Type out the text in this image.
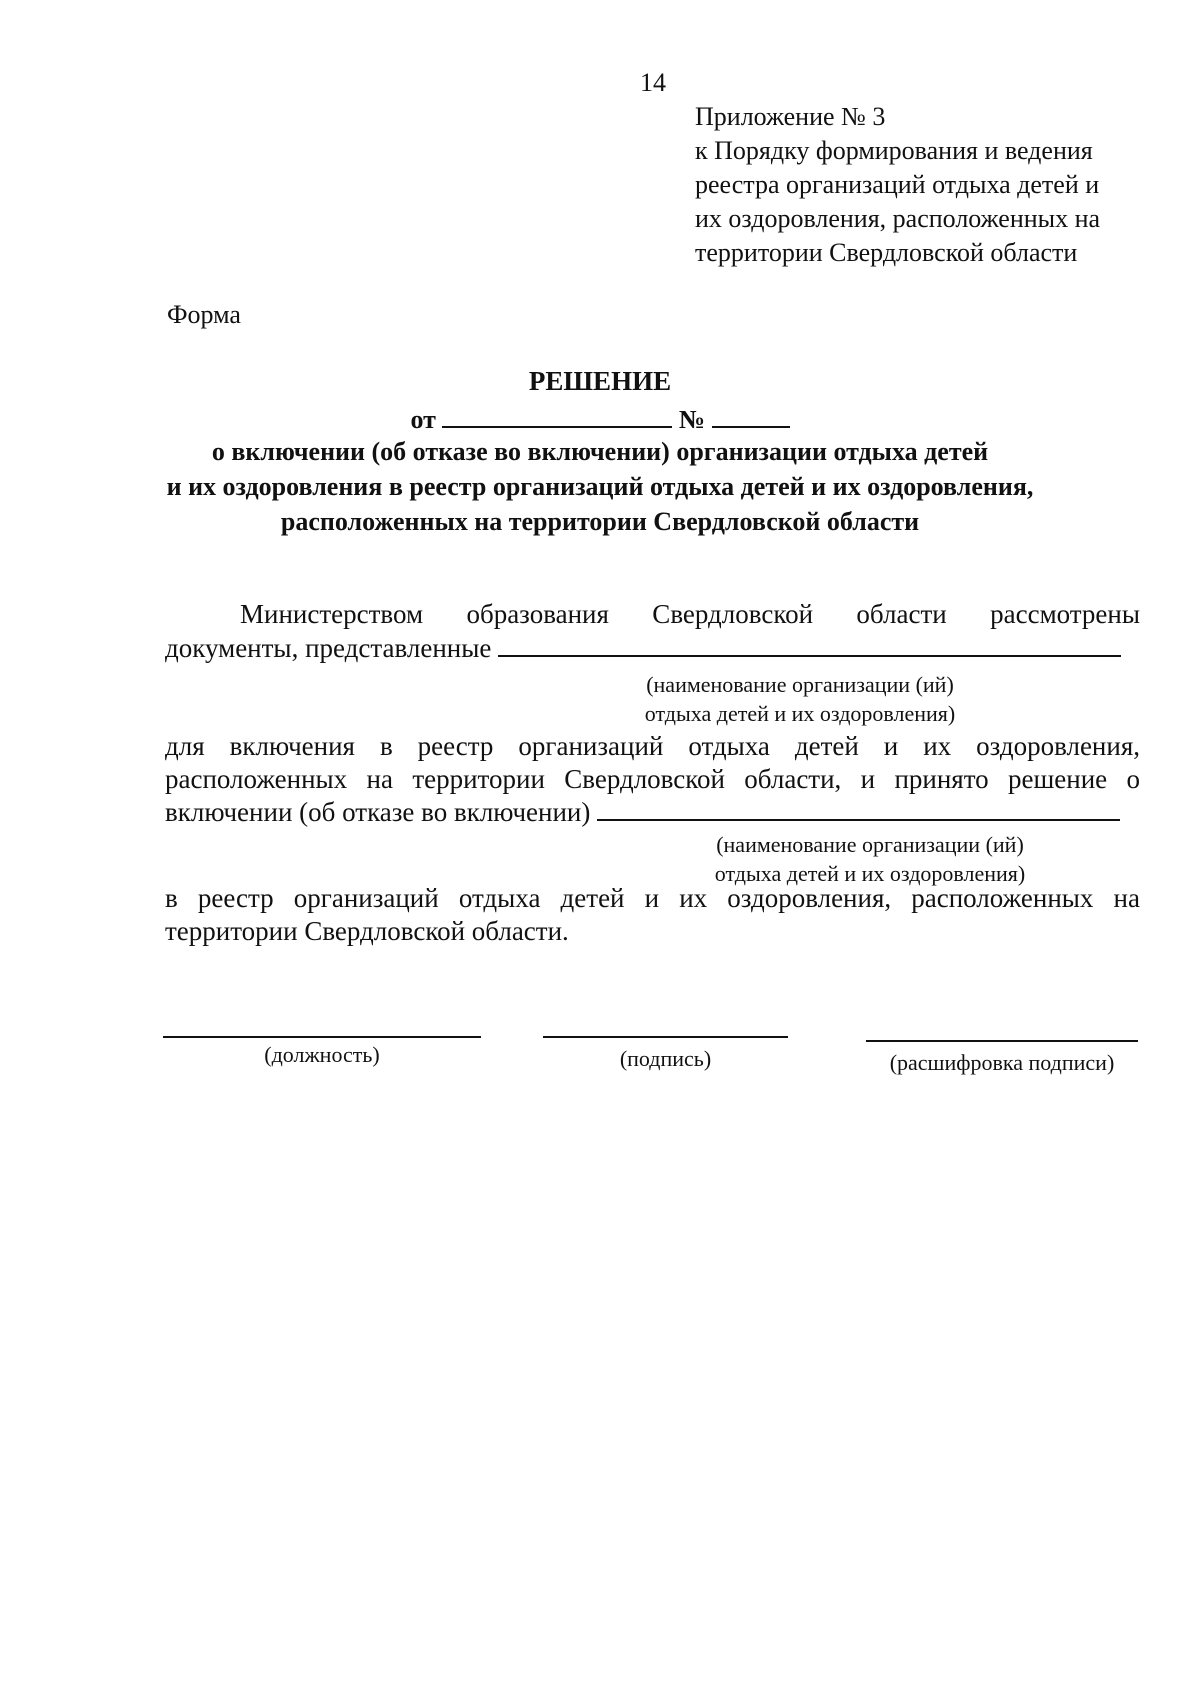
14
Приложение № 3
к Порядку формирования и ведения
реестра организаций отдыха детей и
их оздоровления, расположенных на
территории Свердловской области
Форма
РЕШЕНИЕ
от	№
о включении (об отказе во включении) организации отдыха детей
и их оздоровления в реестр организаций отдыха детей и их оздоровления,
расположенных на территории Свердловской области
Министерством образования Свердловской области рассмотрены
документы, представленные
(наименование организации (ий)
отдыха детей и их оздоровления)
для включения в реестр организаций отдыха детей и их оздоровления,
расположенных на территории Свердловской области, и принято решение о
включении (об отказе во включении)
(наименование организации (ий)
отдыха детей и их оздоровления)
в реестр организаций отдыха детей и их оздоровления, расположенных на
территории Свердловской области.
(должность)	(подпись)	(расшифровка подписи)
